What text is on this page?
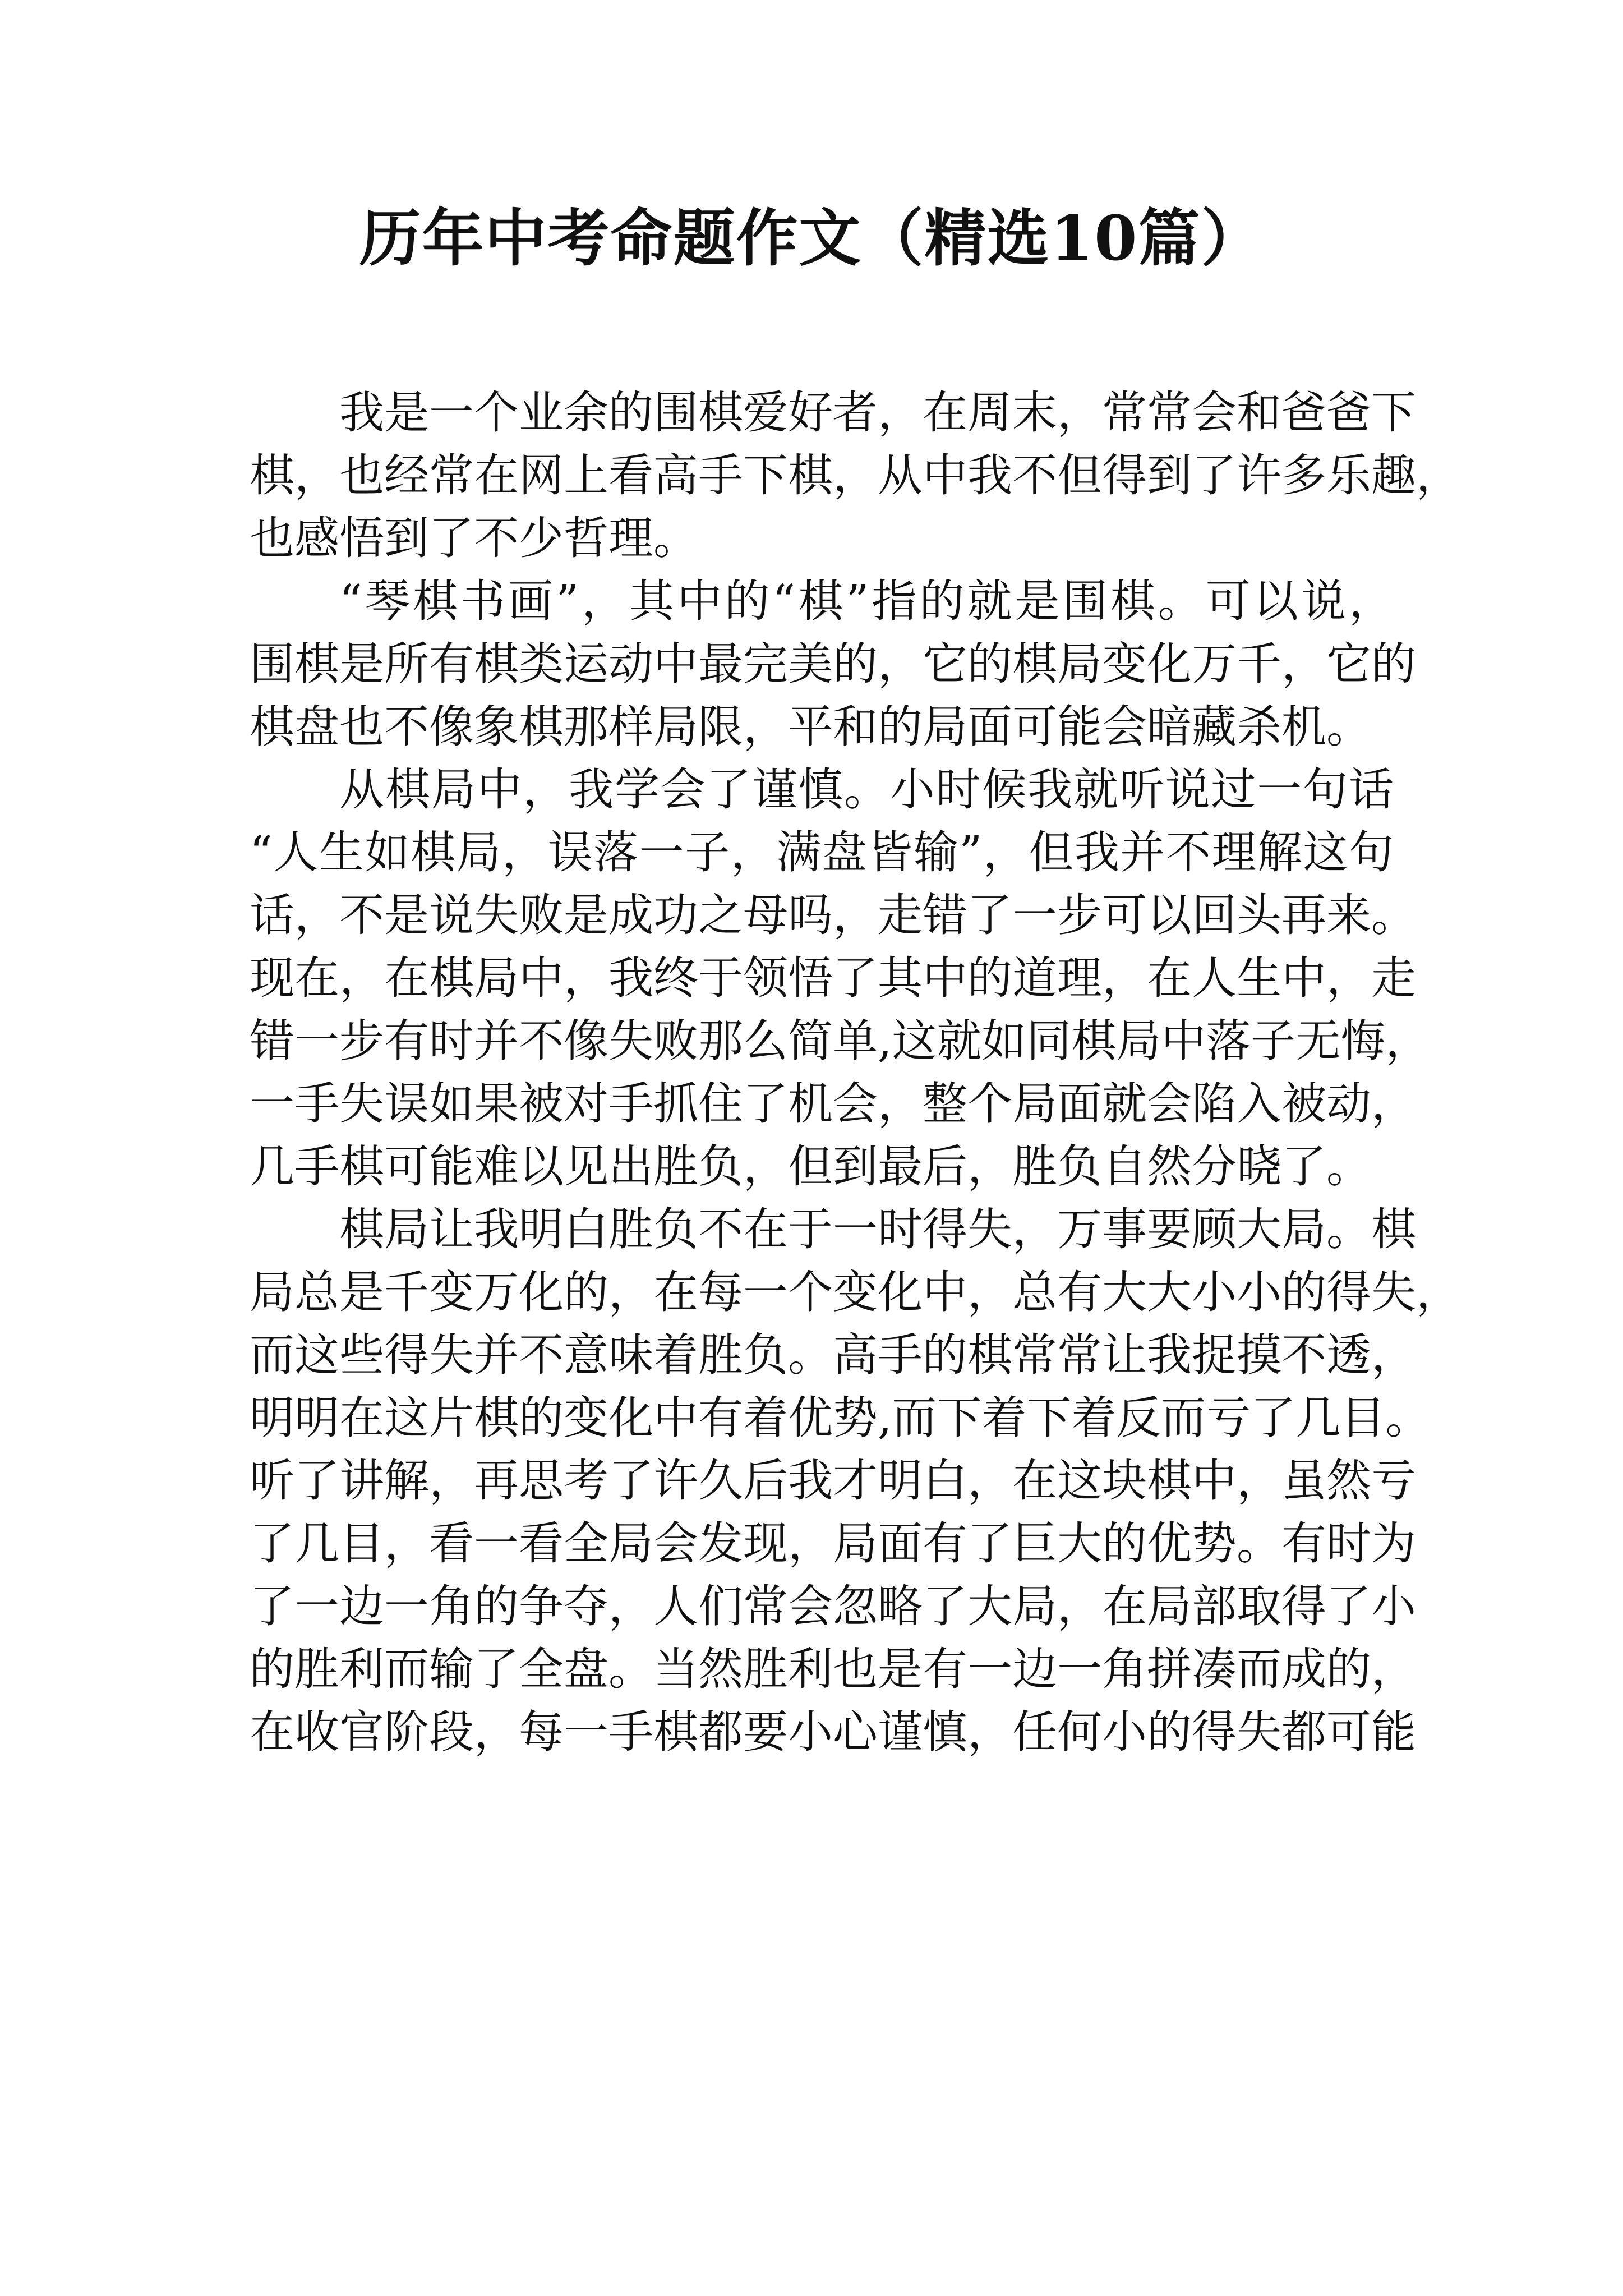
历年中考命题作文（精选10篇）
我是一个业余的围棋爱好者，在周末，常常会和爸爸下
棋，也经常在网上看高手下棋，从中我不但得到了许多乐趣，
也感悟到了不少哲理。
“琴棋书画”，其中的“棋”指的就是围棋。可以说，
围棋是所有棋类运动中最完美的，它的棋局变化万千，它的
棋盘也不像象棋那样局限，平和的局面可能会暗藏杀机。
从棋局中，我学会了谨慎。小时候我就听说过一句话
“人生如棋局，误落一子，满盘皆输”，但我并不理解这句
话，不是说失败是成功之母吗，走错了一步可以回头再来。
现在，在棋局中，我终于领悟了其中的道理，在人生中，走
错一步有时并不像失败那么简单,这就如同棋局中落子无悔，
一手失误如果被对手抓住了机会，整个局面就会陷入被动，
几手棋可能难以见出胜负，但到最后，胜负自然分晓了。
棋局让我明白胜负不在于一时得失，万事要顾大局。棋
局总是千变万化的，在每一个变化中，总有大大小小的得失，
而这些得失并不意味着胜负。高手的棋常常让我捉摸不透，
明明在这片棋的变化中有着优势,而下着下着反而亏了几目。
听了讲解，再思考了许久后我才明白，在这块棋中，虽然亏
了几目，看一看全局会发现，局面有了巨大的优势。有时为
了一边一角的争夺，人们常会忽略了大局，在局部取得了小
的胜利而输了全盘。当然胜利也是有一边一角拼凑而成的，
在收官阶段，每一手棋都要小心谨慎，任何小的得失都可能
